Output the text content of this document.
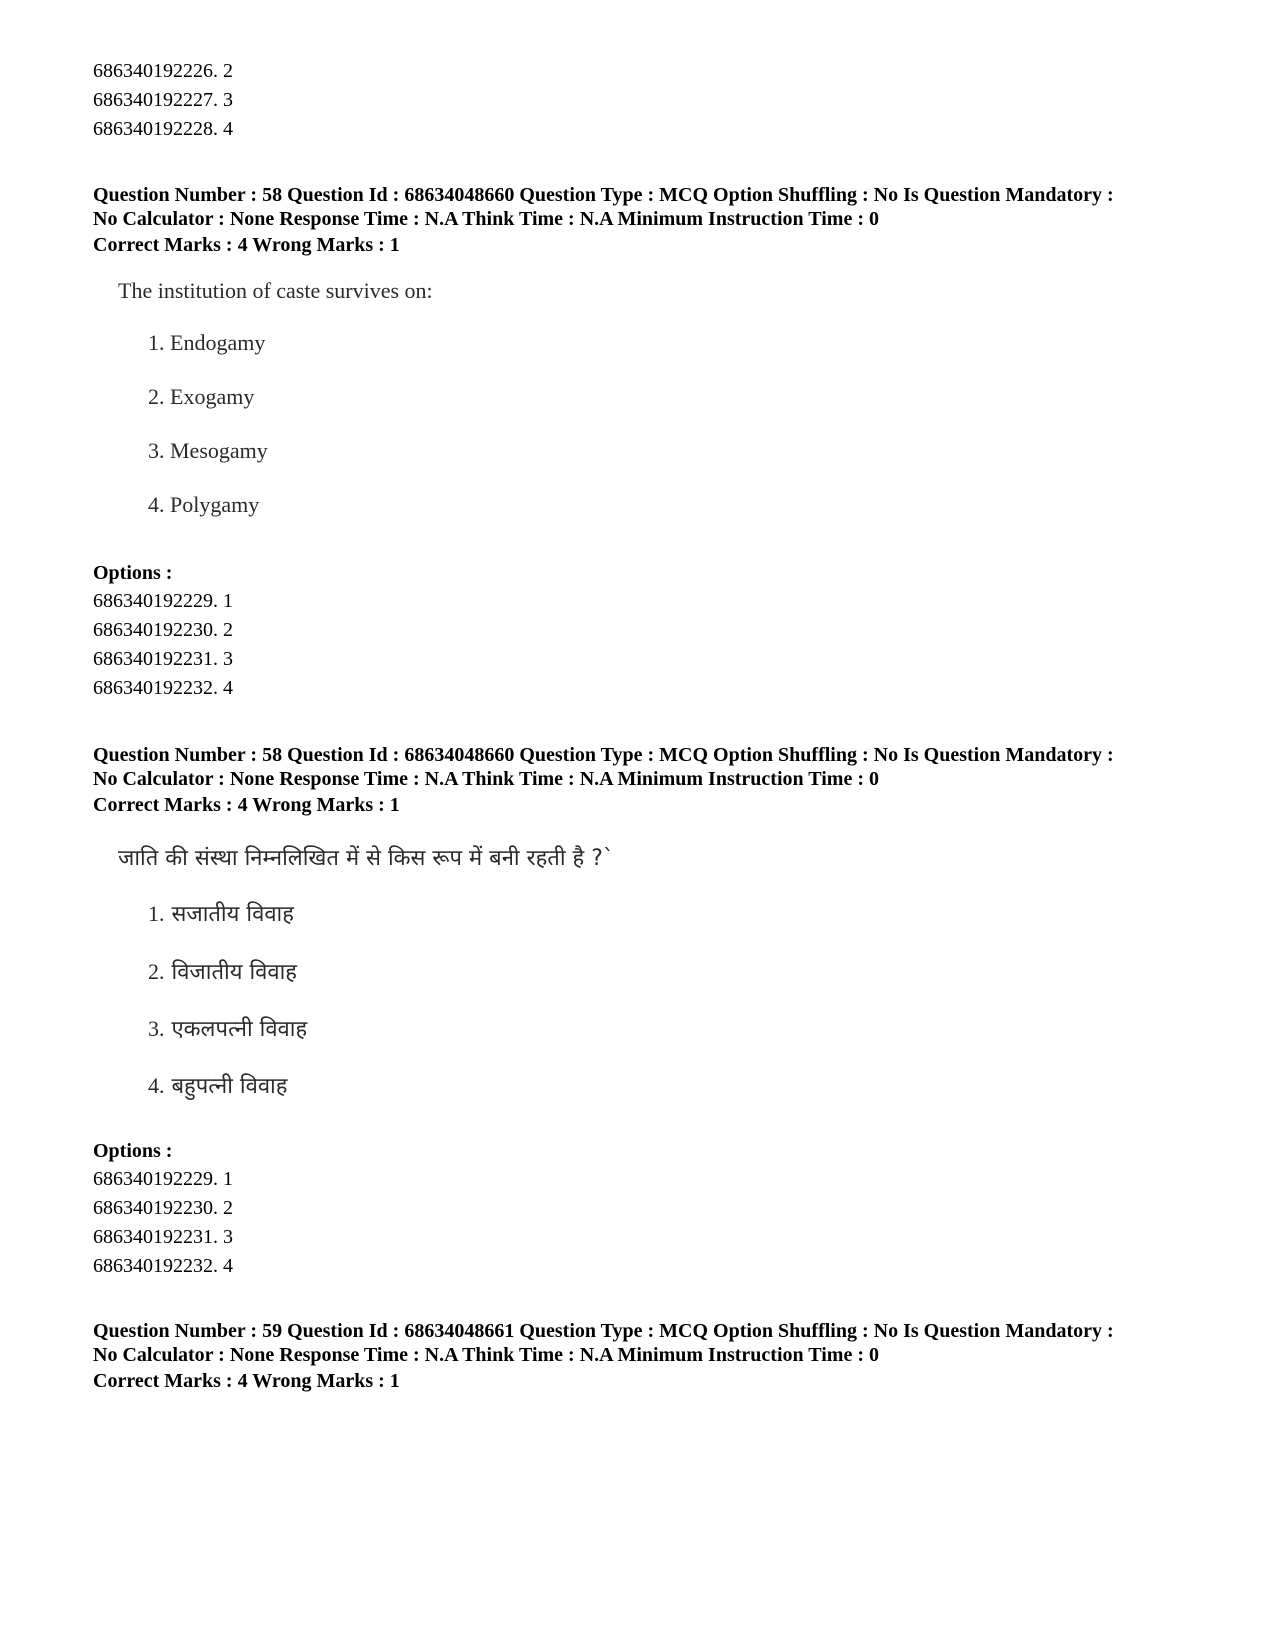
686340192226. 2
686340192227. 3
686340192228. 4
Question Number : 58 Question Id : 68634048660 Question Type : MCQ Option Shuffling : No Is Question Mandatory :
No Calculator : None Response Time : N.A Think Time : N.A Minimum Instruction Time : 0
Correct Marks : 4 Wrong Marks : 1
The institution of caste survives on:
1. Endogamy
2. Exogamy
3. Mesogamy
4. Polygamy
Options :
686340192229. 1
686340192230. 2
686340192231. 3
686340192232. 4
Question Number : 58 Question Id : 68634048660 Question Type : MCQ Option Shuffling : No Is Question Mandatory :
No Calculator : None Response Time : N.A Think Time : N.A Minimum Instruction Time : 0
Correct Marks : 4 Wrong Marks : 1
जाति की संस्था निम्नलिखित में से किस रूप में बनी रहती है ?`
1. सजातीय विवाह
2. विजातीय विवाह
3. एकलपत्नी विवाह
4. बहुपत्नी विवाह
Options :
686340192229. 1
686340192230. 2
686340192231. 3
686340192232. 4
Question Number : 59 Question Id : 68634048661 Question Type : MCQ Option Shuffling : No Is Question Mandatory :
No Calculator : None Response Time : N.A Think Time : N.A Minimum Instruction Time : 0
Correct Marks : 4 Wrong Marks : 1
